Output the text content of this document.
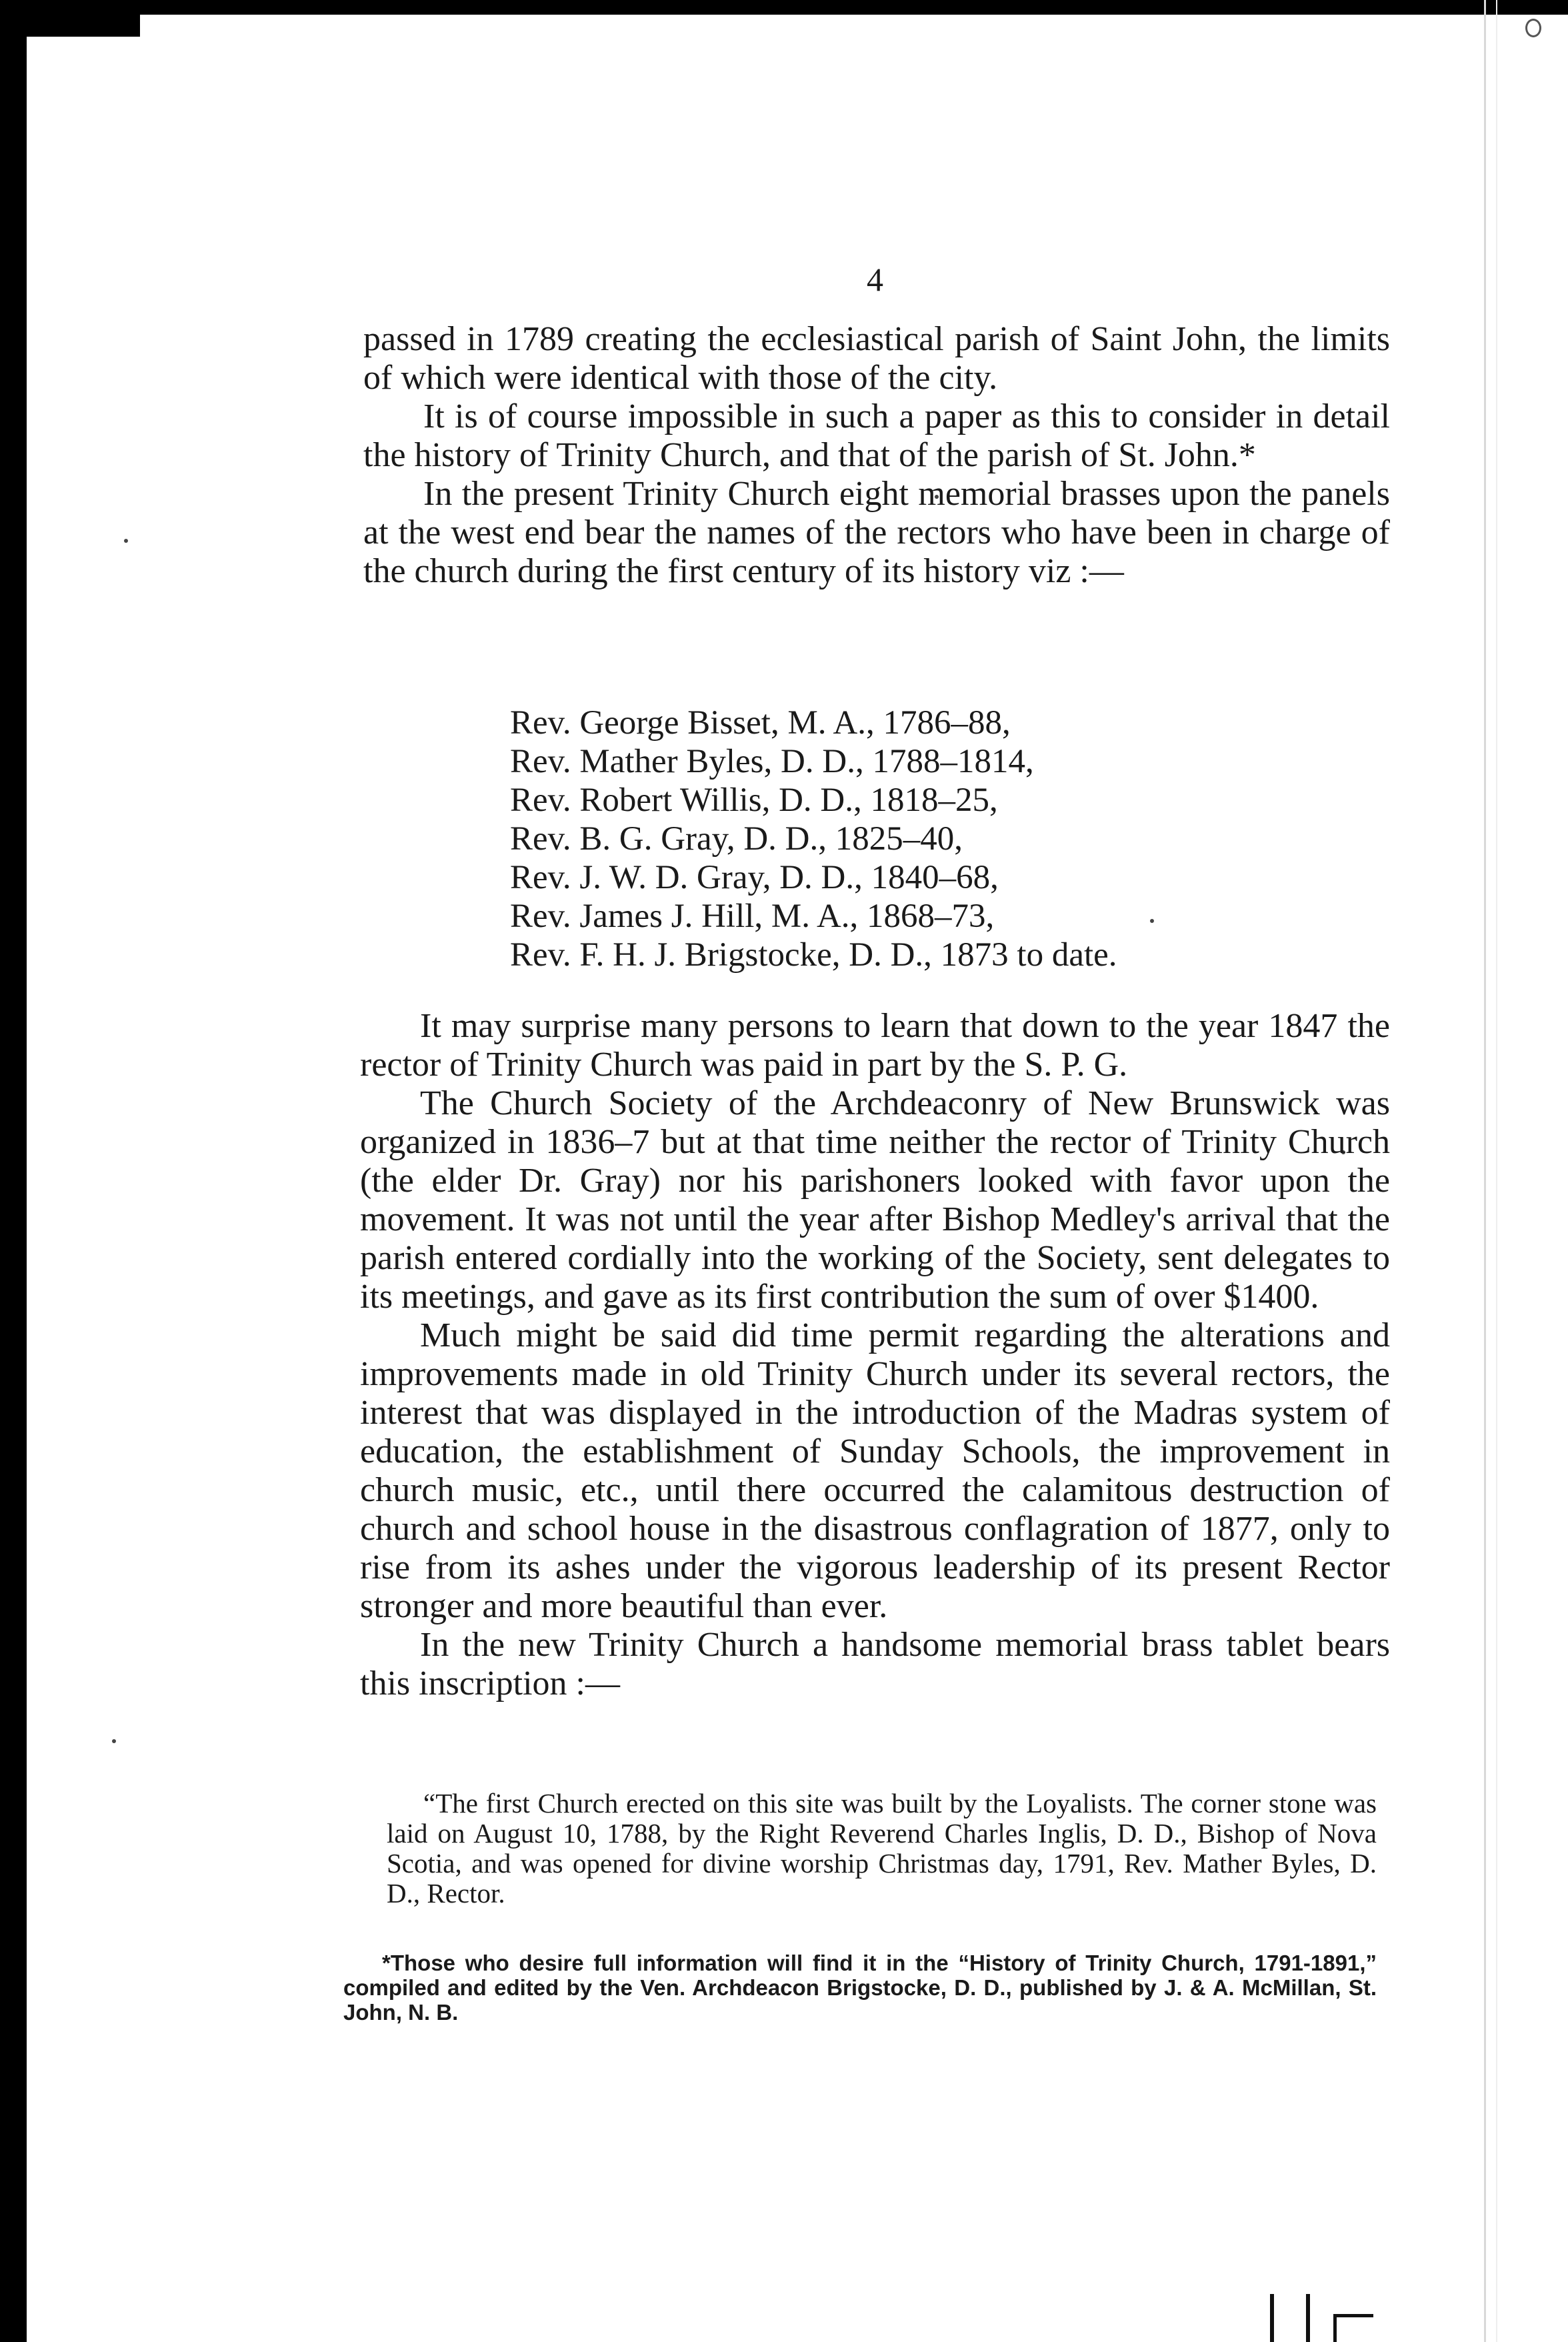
4

passed in 1789 creating the ecclesiastical parish of Saint John, the limits of which were identical with those of the city.

It is of course impossible in such a paper as this to consider in detail the history of Trinity Church, and that of the parish of St. John.*

In the present Trinity Church eight memorial brasses upon the panels at the west end bear the names of the rectors who have been in charge of the church during the first century of its history viz :—

Rev. George Bisset, M. A., 1786–88,
Rev. Mather Byles, D. D., 1788–1814,
Rev. Robert Willis, D. D., 1818–25,
Rev. B. G. Gray, D. D., 1825–40,
Rev. J. W. D. Gray, D. D., 1840–68,
Rev. James J. Hill, M. A., 1868–73,
Rev. F. H. J. Brigstocke, D. D., 1873 to date.

It may surprise many persons to learn that down to the year 1847 the rector of Trinity Church was paid in part by the S. P. G.

The Church Society of the Archdeaconry of New Brunswick was organized in 1836–7 but at that time neither the rector of Trinity Church (the elder Dr. Gray) nor his parishoners looked with favor upon the movement. It was not until the year after Bishop Medley's arrival that the parish entered cordially into the working of the Society, sent delegates to its meetings, and gave as its first contribution the sum of over $1400.

Much might be said did time permit regarding the alterations and improvements made in old Trinity Church under its several rectors, the interest that was displayed in the introduction of the Madras system of education, the establishment of Sunday Schools, the improvement in church music, etc., until there occurred the calamitous destruction of church and school house in the disastrous conflagration of 1877, only to rise from its ashes under the vigorous leadership of its present Rector stronger and more beautiful than ever.

In the new Trinity Church a handsome memorial brass tablet bears this inscription :—

“The first Church erected on this site was built by the Loyalists. The corner stone was laid on August 10, 1788, by the Right Reverend Charles Inglis, D. D., Bishop of Nova Scotia, and was opened for divine worship Christmas day, 1791, Rev. Mather Byles, D. D., Rector.

*Those who desire full information will find it in the “History of Trinity Church, 1791-1891,” compiled and edited by the Ven. Archdeacon Brigstocke, D. D., published by J. & A. McMillan, St. John, N. B.
